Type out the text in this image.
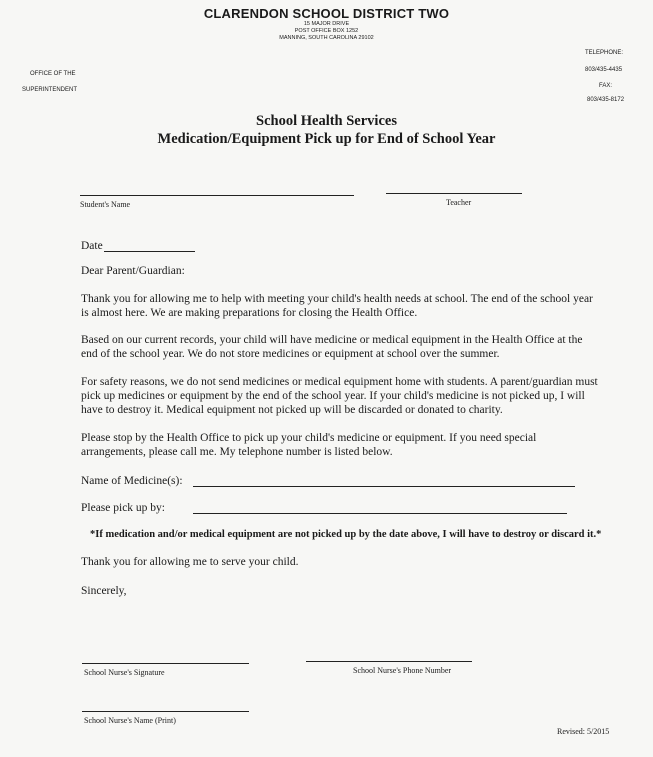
CLARENDON SCHOOL DISTRICT TWO
15 MAJOR DRIVE
POST OFFICE BOX 1252
MANNING, SOUTH CAROLINA 29102
OFFICE OF THE
SUPERINTENDENT
TELEPHONE:
803/435-4435
FAX:
803/435-8172
School Health Services
Medication/Equipment Pick up for End of School Year
Student's Name	Teacher
Date
Dear Parent/Guardian:
Thank you for allowing me to help with meeting your child's health needs at school. The end of the school year
is almost here. We are making preparations for closing the Health Office.
Based on our current records, your child will have medicine or medical equipment in the Health Office at the
end of the school year. We do not store medicines or equipment at school over the summer.
For safety reasons, we do not send medicines or medical equipment home with students. A parent/guardian must
pick up medicines or equipment by the end of the school year. If your child's medicine is not picked up, I will
have to destroy it. Medical equipment not picked up will be discarded or donated to charity.
Please stop by the Health Office to pick up your child's medicine or equipment. If you need special
arrangements, please call me. My telephone number is listed below.
Name of Medicine(s):
Please pick up by:
*If medication and/or medical equipment are not picked up by the date above, I will have to destroy or discard it.*
Thank you for allowing me to serve your child.
Sincerely,
School Nurse's Signature	School Nurse's Phone Number
School Nurse's Name (Print)
Revised: 5/2015
